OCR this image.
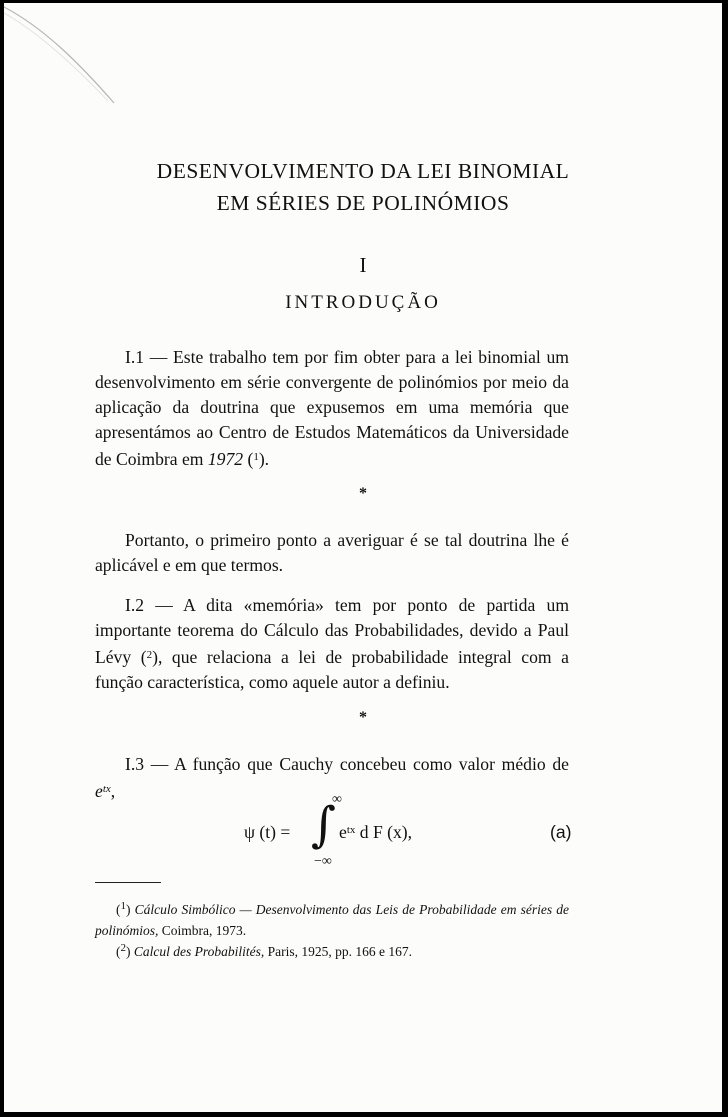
DESENVOLVIMENTO DA LEI BINOMIAL
EM SÉRIES DE POLINÓMIOS
I
INTRODUÇÃO

I.1 — Este trabalho tem por fim obter para a lei binomial um desenvolvimento em série convergente de polinómios por meio da aplicação da doutrina que expusemos em uma memória que apresentámos ao Centro de Estudos Matemáticos da Universidade de Coimbra em 1972 ($^1$).

*

Portanto, o primeiro ponto a averiguar é se tal doutrina lhe é aplicável e em que termos.

I.2 — A dita «memória» tem por ponto de partida um importante teorema do Cálculo das Probabilidades, devido a Paul Lévy ($^2$), que relaciona a lei de probabilidade integral com a função característica, como aquele autor a definiu.

*

I.3 — A função que Cauchy concebeu como valor médio de $e^{tx}$,

ψ (t) =
∞
∫
−∞
$e^{tx}$ d F (x),	(a)

($^1$) Cálculo Simbólico — Desenvolvimento das Leis de Probabilidade em séries de polinómios, Coimbra, 1973.

($^2$) Calcul des Probabilités, Paris, 1925, pp. 166 e 167.
